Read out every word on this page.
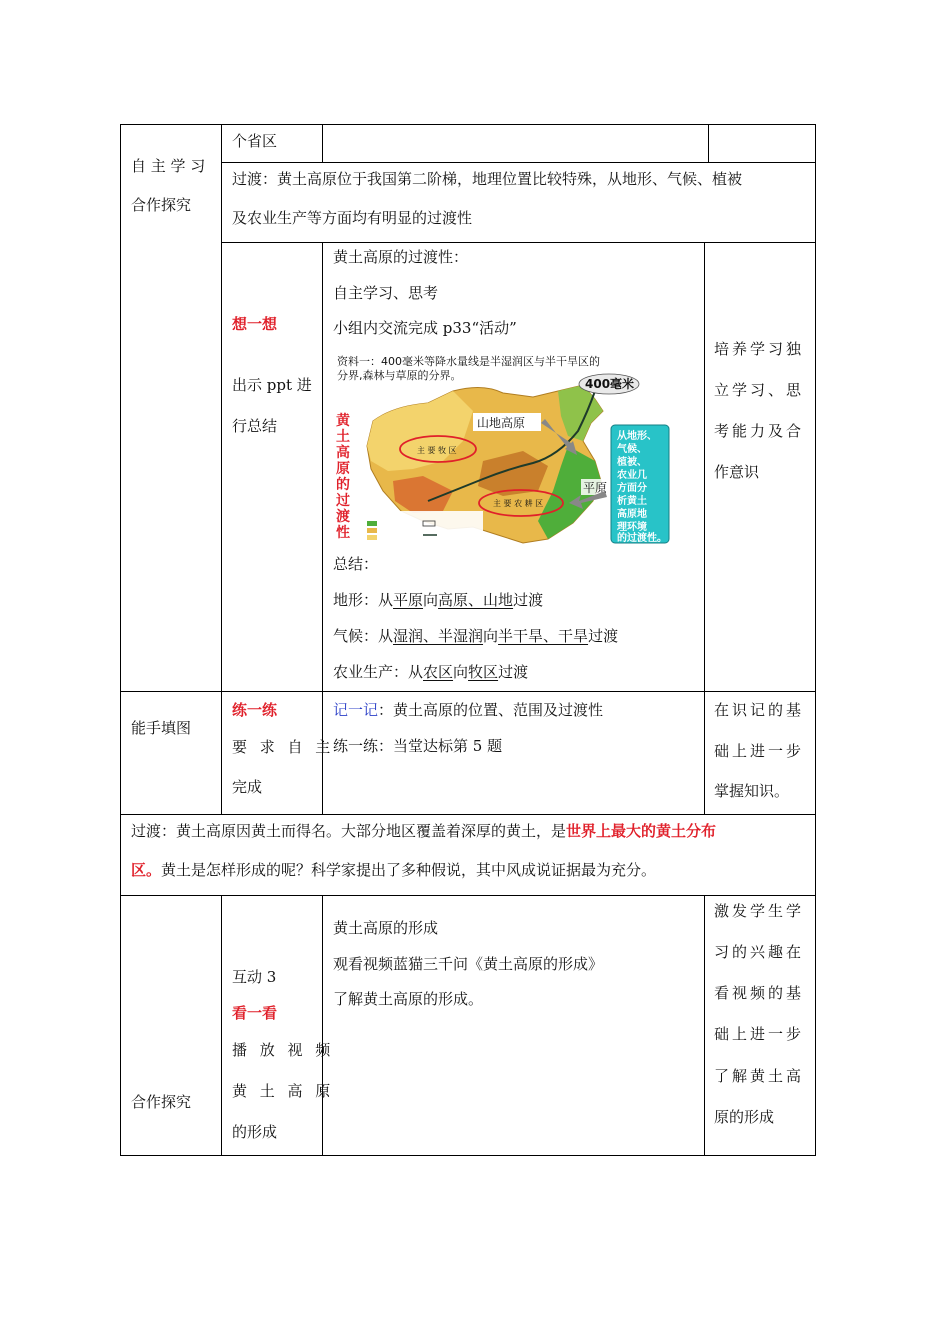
自 主 学 习
合作探究
个省区
过渡：黄土高原位于我国第二阶梯，地理位置比较特殊，从地形、气候、植被
及农业生产等方面均有明显的过渡性
想一想
出示 ppt 进
行总结
黄土高原的过渡性：
自主学习、思考
小组内交流完成 p33“活动”
资料一：400毫米等降水量线是半湿润区与半干旱区的
分界,森林与草原的分界。
400毫米
黄土高原的过渡性
山地高原
平原
主 要 牧 区
主 要 农 耕 区
从地形、气候、植被、农业几方面分析黄土高原地理环境的过渡性。
总结：
地形：从平原向高原、山地过渡
气候：从湿润、半湿润向半干旱、干旱过渡
农业生产：从农区向牧区过渡
培养学习独
立学习、思
考能力及合
作意识
能手填图
练一练
要 求 自 主
完成
记一记：黄土高原的位置、范围及过渡性
练一练：当堂达标第 5 题
在识记的基
础上进一步
掌握知识。
过渡：黄土高原因黄土而得名。大部分地区覆盖着深厚的黄土，是世界上最大的黄土分布
区。黄土是怎样形成的呢？科学家提出了多种假说，其中风成说证据最为充分。
合作探究
互动 3
看一看
播 放 视 频
黄 土 高 原
的形成
黄土高原的形成
观看视频蓝猫三千问《黄土高原的形成》
了解黄土高原的形成。
激发学生学
习的兴趣在
看视频的基
础上进一步
了解黄土高
原的形成
